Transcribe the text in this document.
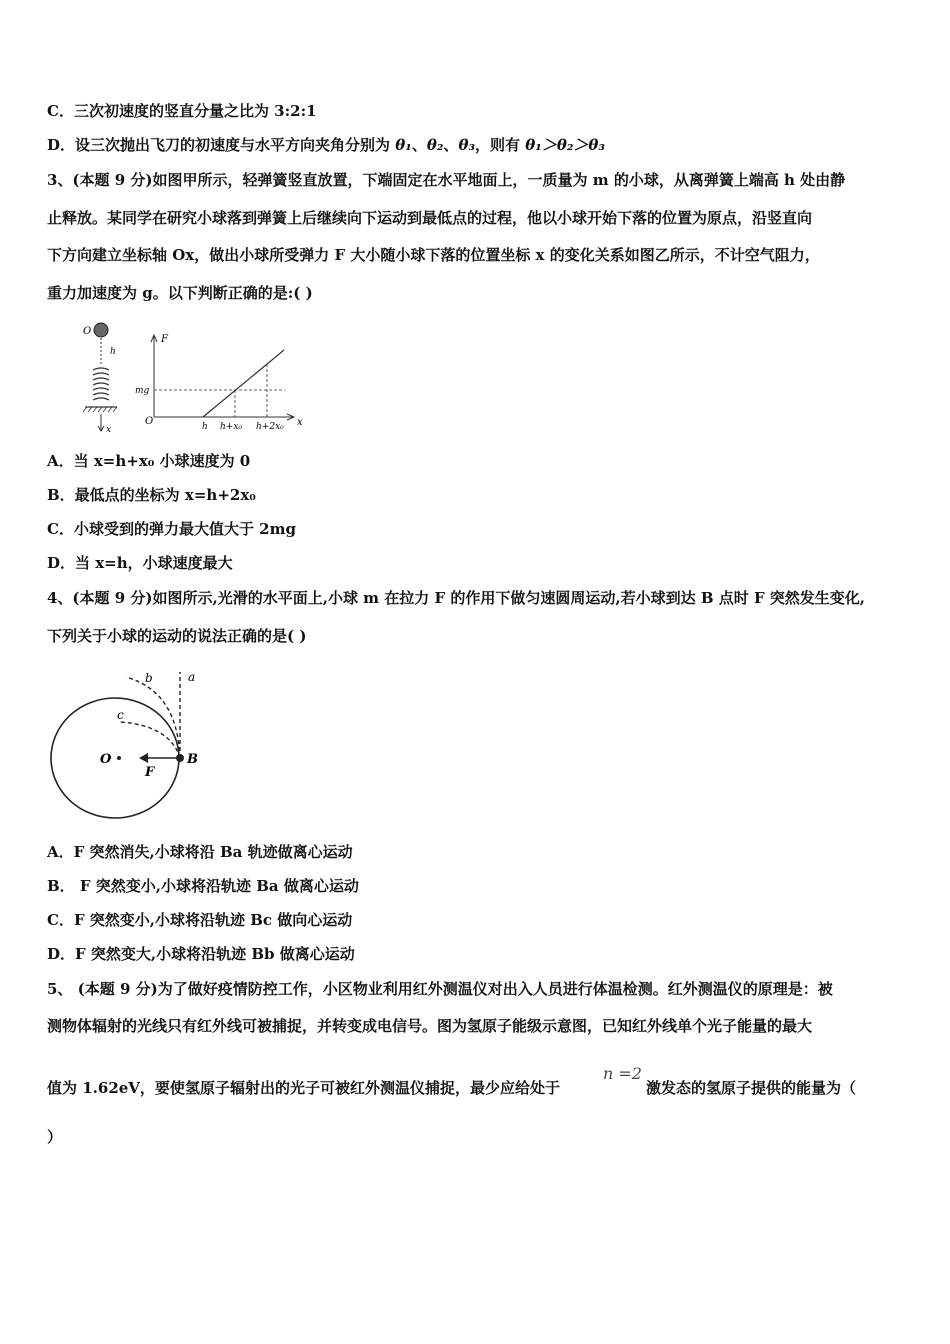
C．三次初速度的竖直分量之比为 3:2:1
D．设三次抛出飞刀的初速度与水平方向夹角分别为 θ₁、θ₂、θ₃，则有 θ₁＞θ₂＞θ₃
3、(本题 9 分)如图甲所示，轻弹簧竖直放置，下端固定在水平地面上，一质量为 m 的小球，从离弹簧上端高 h 处由静
止释放。某同学在研究小球落到弹簧上后继续向下运动到最低点的过程，他以小球开始下落的位置为原点，沿竖直向
下方向建立坐标轴 Ox，做出小球所受弹力 F 大小随小球下落的位置坐标 x 的变化关系如图乙所示，不计空气阻力，
重力加速度为 g。以下判断正确的是:( )
O
h
x
F
x
O
mg
h h+x₀ h+2x₀
A．当 x=h+x₀ 小球速度为 0
B．最低点的坐标为 x=h+2x₀
C．小球受到的弹力最大值大于 2mg
D．当 x=h，小球速度最大
4、(本题 9 分)如图所示,光滑的水平面上,小球 m 在拉力 F 的作用下做匀速圆周运动,若小球到达 B 点时 F 突然发生变化,
下列关于小球的运动的说法正确的是( )
a
b
c
O
F
B
A．F 突然消失,小球将沿 Ba 轨迹做离心运动
B． F 突然变小,小球将沿轨迹 Ba 做离心运动
C．F 突然变小,小球将沿轨迹 Bc 做向心运动
D．F 突然变大,小球将沿轨迹 Bb 做离心运动
5、 (本题 9 分)为了做好疫情防控工作，小区物业利用红外测温仪对出入人员进行体温检测。红外测温仪的原理是：被
测物体辐射的光线只有红外线可被捕捉，并转变成电信号。图为氢原子能级示意图，已知红外线单个光子能量的最大
值为 1.62eV，要使氢原子辐射出的光子可被红外测温仪捕捉，最少应给处于
n =2
激发态的氢原子提供的能量为（
）
